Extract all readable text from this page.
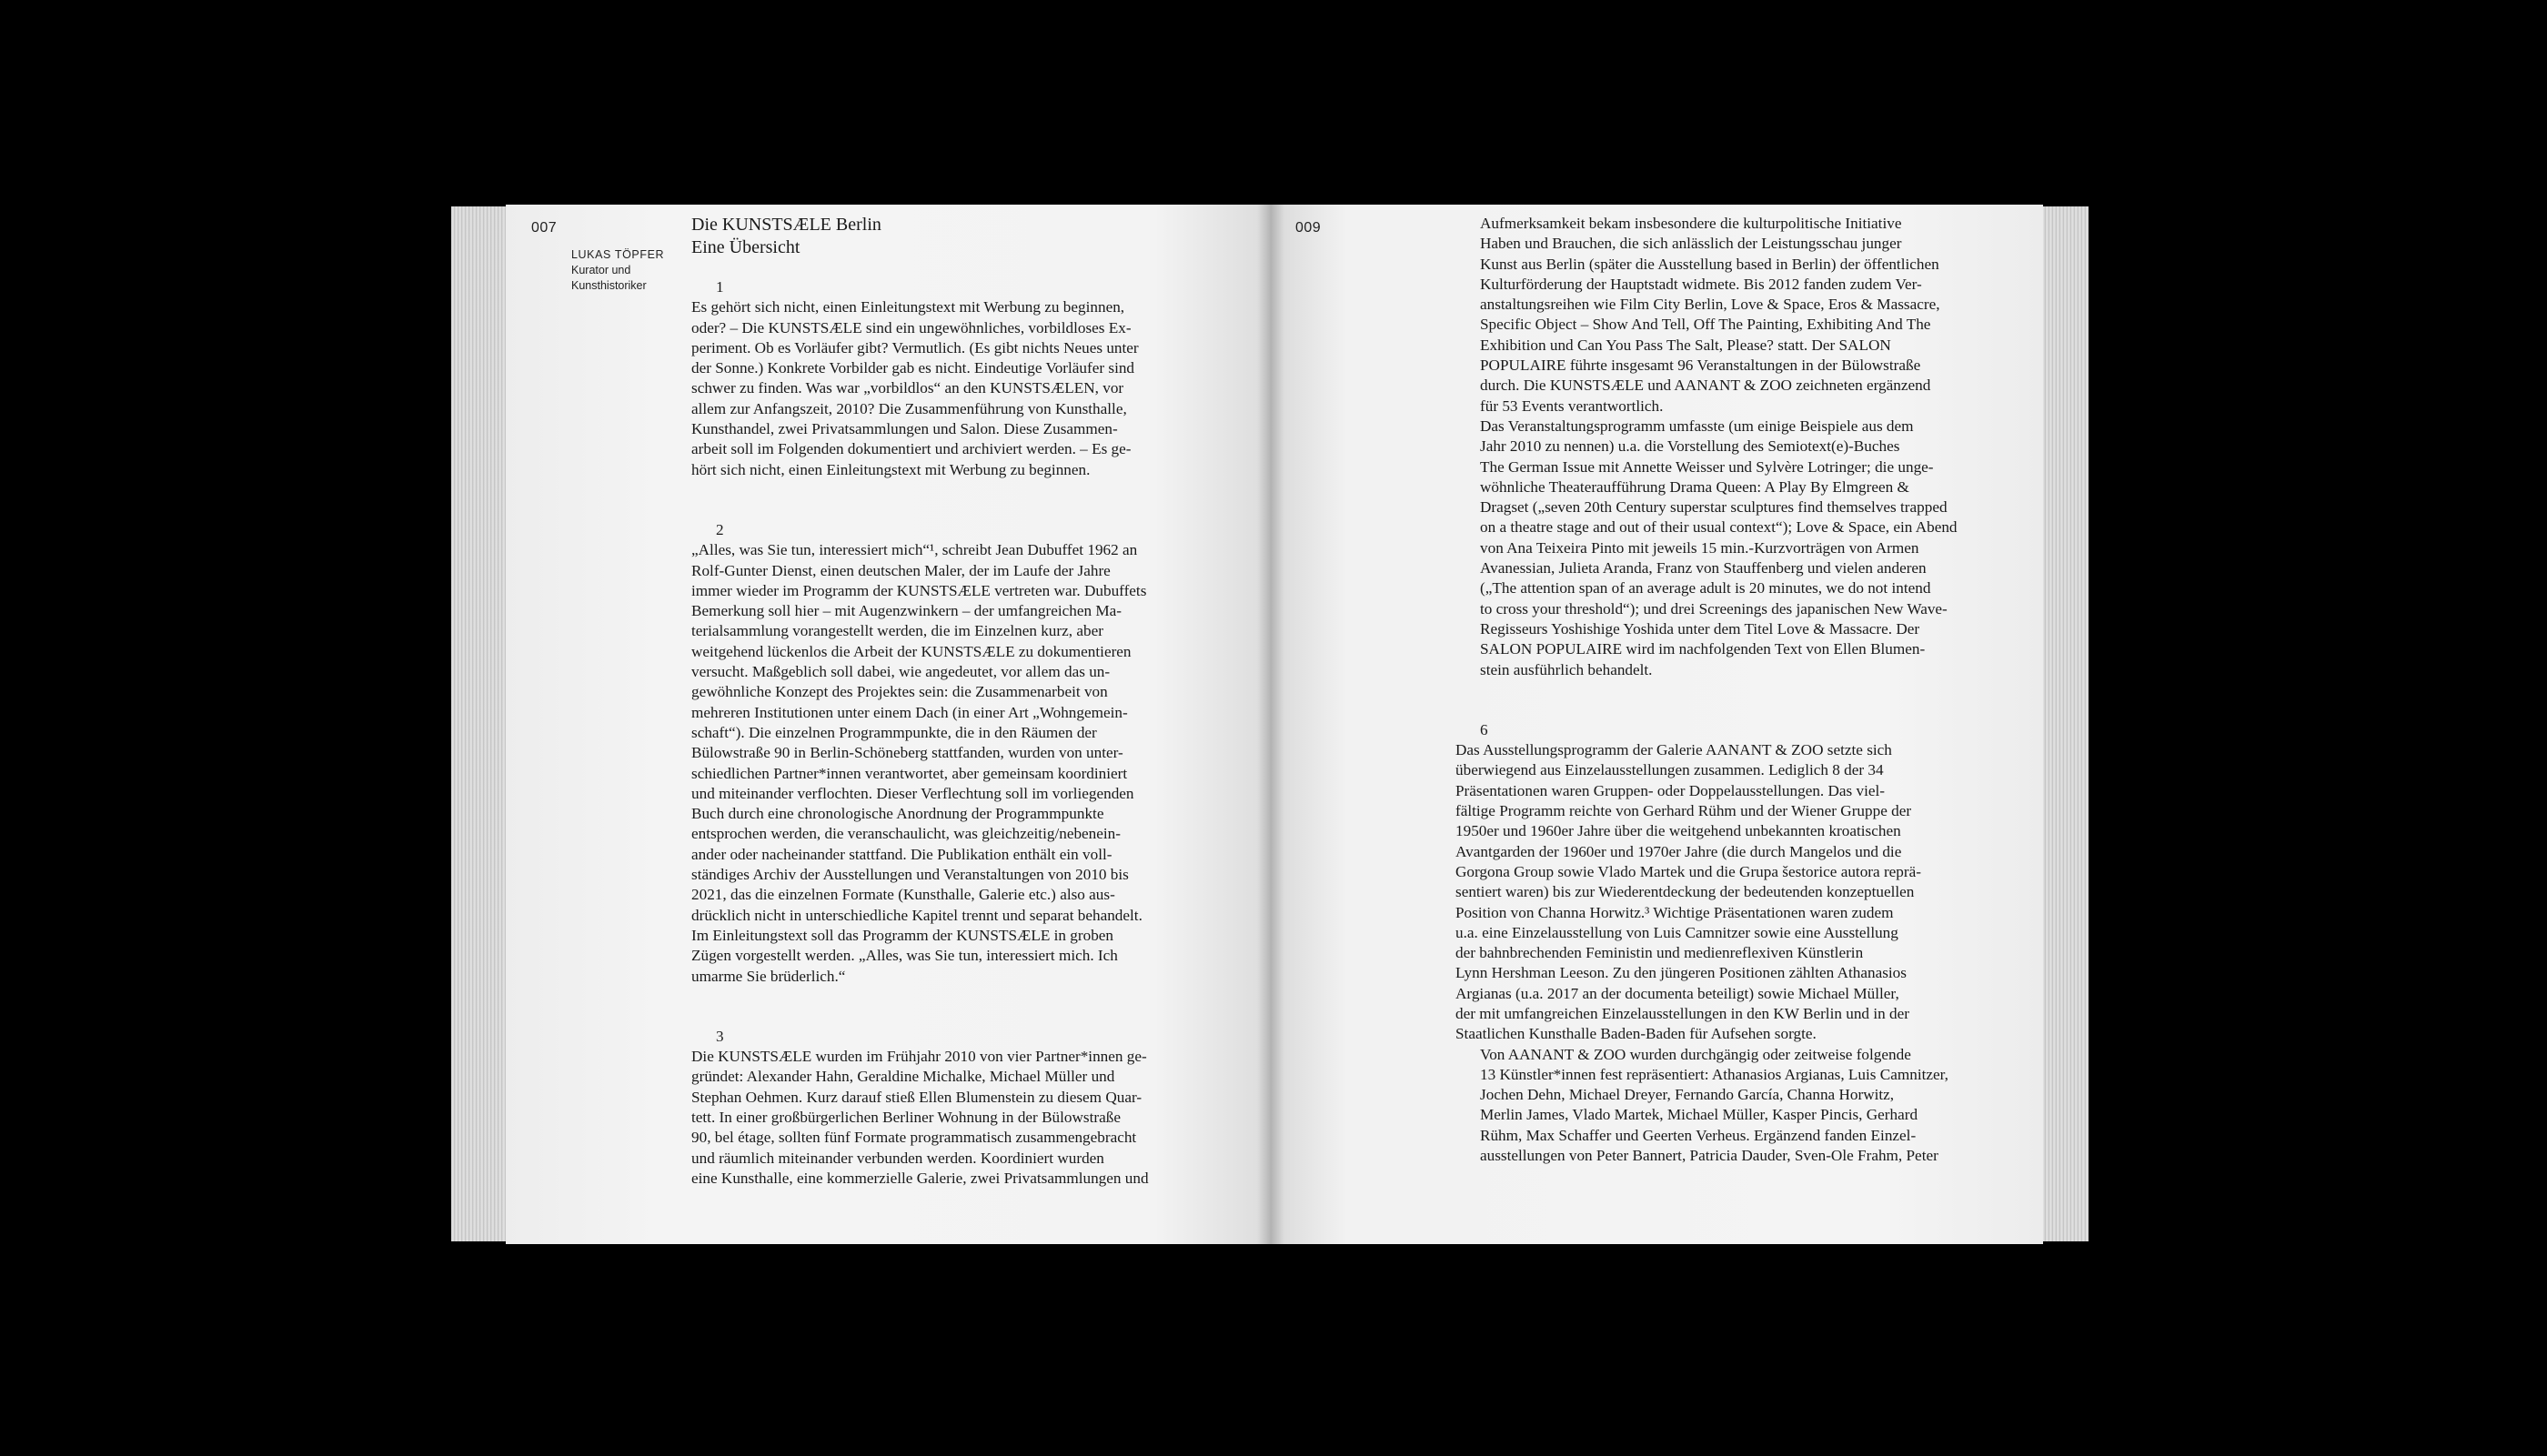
007
LUKAS TÖPFER
Kurator und
Kunsthistoriker
Die KUNSTSÆLE Berlin
Eine Übersicht
1

Es gehört sich nicht, einen Einleitungstext mit Werbung zu beginnen,
oder? – Die KUNSTSÆLE sind ein ungewöhnliches, vorbildloses Ex-
periment. Ob es Vorläufer gibt? Vermutlich. (Es gibt nichts Neues unter
der Sonne.) Konkrete Vorbilder gab es nicht. Eindeutige Vorläufer sind
schwer zu finden. Was war „vorbildlos“ an den KUNSTSÆLEN, vor
allem zur Anfangszeit, 2010? Die Zusammenführung von Kunsthalle,
Kunsthandel, zwei Privatsammlungen und Salon. Diese Zusammen-
arbeit soll im Folgenden dokumentiert und archiviert werden. – Es ge-
hört sich nicht, einen Einleitungstext mit Werbung zu beginnen.

2

„Alles, was Sie tun, interessiert mich“¹, schreibt Jean Dubuffet 1962 an
Rolf-Gunter Dienst, einen deutschen Maler, der im Laufe der Jahre
immer wieder im Programm der KUNSTSÆLE vertreten war. Dubuffets
Bemerkung soll hier – mit Augenzwinkern – der umfangreichen Ma-
terialsammlung vorangestellt werden, die im Einzelnen kurz, aber
weitgehend lückenlos die Arbeit der KUNSTSÆLE zu dokumentieren
versucht. Maßgeblich soll dabei, wie angedeutet, vor allem das un-
gewöhnliche Konzept des Projektes sein: die Zusammenarbeit von
mehreren Institutionen unter einem Dach (in einer Art „Wohngemein-
schaft“). Die einzelnen Programmpunkte, die in den Räumen der
Bülowstraße 90 in Berlin-Schöneberg stattfanden, wurden von unter-
schiedlichen Partner*innen verantwortet, aber gemeinsam koordiniert
und miteinander verflochten. Dieser Verflechtung soll im vorliegenden
Buch durch eine chronologische Anordnung der Programmpunkte
entsprochen werden, die veranschaulicht, was gleichzeitig/nebenein-
ander oder nacheinander stattfand. Die Publikation enthält ein voll-
ständiges Archiv der Ausstellungen und Veranstaltungen von 2010 bis
2021, das die einzelnen Formate (Kunsthalle, Galerie etc.) also aus-
drücklich nicht in unterschiedliche Kapitel trennt und separat behandelt.
Im Einleitungstext soll das Programm der KUNSTSÆLE in groben
Zügen vorgestellt werden. „Alles, was Sie tun, interessiert mich. Ich
umarme Sie brüderlich.“

3

Die KUNSTSÆLE wurden im Frühjahr 2010 von vier Partner*innen ge-
gründet: Alexander Hahn, Geraldine Michalke, Michael Müller und
Stephan Oehmen. Kurz darauf stieß Ellen Blumenstein zu diesem Quar-
tett. In einer großbürgerlichen Berliner Wohnung in der Bülowstraße
90, bel étage, sollten fünf Formate programmatisch zusammengebracht
und räumlich miteinander verbunden werden. Koordiniert wurden
eine Kunsthalle, eine kommerzielle Galerie, zwei Privatsammlungen und

009	Aufmerksamkeit bekam insbesondere die kulturpolitische Initiative
Haben und Brauchen, die sich anlässlich der Leistungsschau junger
Kunst aus Berlin (später die Ausstellung based in Berlin) der öffentlichen
Kulturförderung der Hauptstadt widmete. Bis 2012 fanden zudem Ver-
anstaltungsreihen wie Film City Berlin, Love & Space, Eros & Massacre,
Specific Object – Show And Tell, Off The Painting, Exhibiting And The
Exhibition und Can You Pass The Salt, Please? statt. Der SALON
POPULAIRE führte insgesamt 96 Veranstaltungen in der Bülowstraße
durch. Die KUNSTSÆLE und AANANT & ZOO zeichneten ergänzend
für 53 Events verantwortlich.

Das Veranstaltungsprogramm umfasste (um einige Beispiele aus dem
Jahr 2010 zu nennen) u.a. die Vorstellung des Semiotext(e)-Buches
The German Issue mit Annette Weisser und Sylvère Lotringer; die unge-
wöhnliche Theateraufführung Drama Queen: A Play By Elmgreen &
Dragset („seven 20th Century superstar sculptures find themselves trapped
on a theatre stage and out of their usual context“); Love & Space, ein Abend
von Ana Teixeira Pinto mit jeweils 15 min.-Kurzvorträgen von Armen
Avanessian, Julieta Aranda, Franz von Stauffenberg und vielen anderen
(„The attention span of an average adult is 20 minutes, we do not intend
to cross your threshold“); und drei Screenings des japanischen New Wave-
Regisseurs Yoshishige Yoshida unter dem Titel Love & Massacre. Der
SALON POPULAIRE wird im nachfolgenden Text von Ellen Blumen-
stein ausführlich behandelt.

6

Das Ausstellungsprogramm der Galerie AANANT & ZOO setzte sich
überwiegend aus Einzelausstellungen zusammen. Lediglich 8 der 34
Präsentationen waren Gruppen- oder Doppelausstellungen. Das viel-
fältige Programm reichte von Gerhard Rühm und der Wiener Gruppe der
1950er und 1960er Jahre über die weitgehend unbekannten kroatischen
Avantgarden der 1960er und 1970er Jahre (die durch Mangelos und die
Gorgona Group sowie Vlado Martek und die Grupa šestorice autora reprä-
sentiert waren) bis zur Wiederentdeckung der bedeutenden konzeptuellen
Position von Channa Horwitz.³ Wichtige Präsentationen waren zudem
u.a. eine Einzelausstellung von Luis Camnitzer sowie eine Ausstellung
der bahnbrechenden Feministin und medienreflexiven Künstlerin
Lynn Hershman Leeson. Zu den jüngeren Positionen zählten Athanasios
Argianas (u.a. 2017 an der documenta beteiligt) sowie Michael Müller,
der mit umfangreichen Einzelausstellungen in den KW Berlin und in der
Staatlichen Kunsthalle Baden-Baden für Aufsehen sorgte.

Von AANANT & ZOO wurden durchgängig oder zeitweise folgende
13 Künstler*innen fest repräsentiert: Athanasios Argianas, Luis Camnitzer,
Jochen Dehn, Michael Dreyer, Fernando García, Channa Horwitz,
Merlin James, Vlado Martek, Michael Müller, Kasper Pincis, Gerhard
Rühm, Max Schaffer und Geerten Verheus. Ergänzend fanden Einzel-
ausstellungen von Peter Bannert, Patricia Dauder, Sven-Ole Frahm, Peter
